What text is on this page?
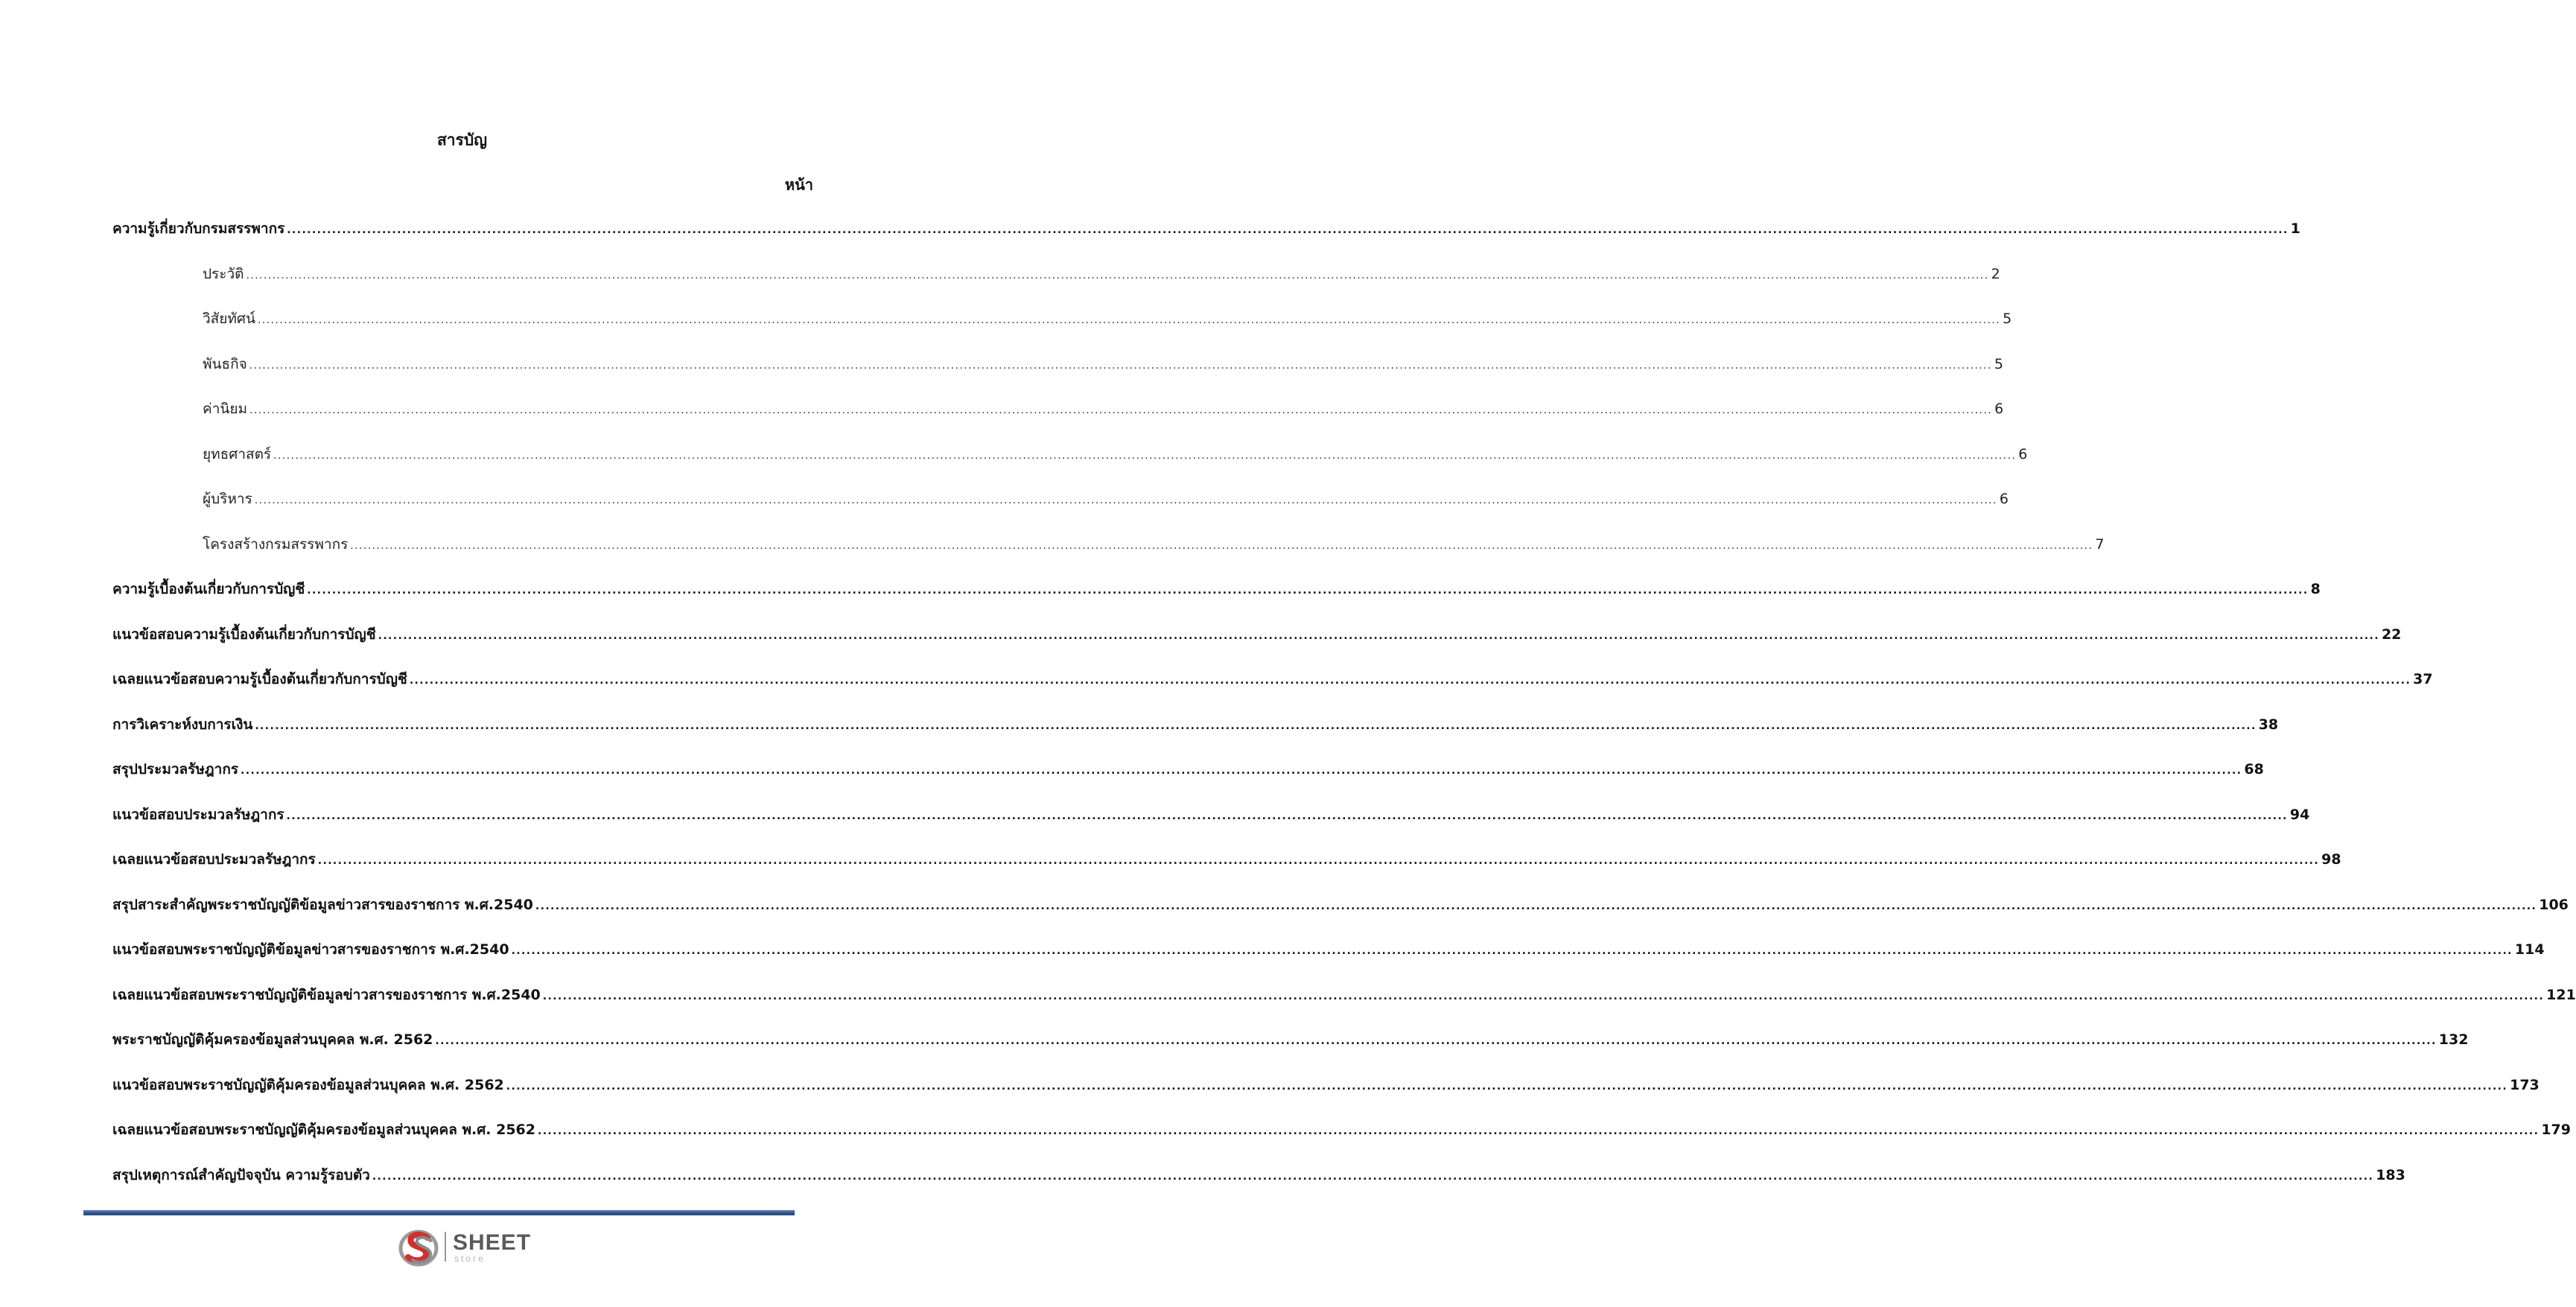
สารบัญ
หน้า
ความรู้เกี่ยวกับกรมสรรพากร ................................................................................................................................................................................................................................................................................................................................................................................................................ 1
ประวัติ ................................................................................................................................................................................................................................................................................................................................................................................................................ 2
วิสัยทัศน์ ................................................................................................................................................................................................................................................................................................................................................................................................................ 5
พันธกิจ ................................................................................................................................................................................................................................................................................................................................................................................................................ 5
ค่านิยม ................................................................................................................................................................................................................................................................................................................................................................................................................ 6
ยุทธศาสตร์ ................................................................................................................................................................................................................................................................................................................................................................................................................ 6
ผู้บริหาร ................................................................................................................................................................................................................................................................................................................................................................................................................ 6
โครงสร้างกรมสรรพากร ................................................................................................................................................................................................................................................................................................................................................................................................................ 7
ความรู้เบื้องต้นเกี่ยวกับการบัญชี ................................................................................................................................................................................................................................................................................................................................................................................................................ 8
แนวข้อสอบความรู้เบื้องต้นเกี่ยวกับการบัญชี ................................................................................................................................................................................................................................................................................................................................................................................................................ 22
เฉลยแนวข้อสอบความรู้เบื้องต้นเกี่ยวกับการบัญชี ................................................................................................................................................................................................................................................................................................................................................................................................................ 37
การวิเคราะห์งบการเงิน ................................................................................................................................................................................................................................................................................................................................................................................................................ 38
สรุปประมวลรัษฎากร ................................................................................................................................................................................................................................................................................................................................................................................................................ 68
แนวข้อสอบประมวลรัษฎากร ................................................................................................................................................................................................................................................................................................................................................................................................................ 94
เฉลยแนวข้อสอบประมวลรัษฎากร ................................................................................................................................................................................................................................................................................................................................................................................................................ 98
สรุปสาระสำคัญพระราชบัญญัติข้อมูลข่าวสารของราชการ พ.ศ.2540 ................................................................................................................................................................................................................................................................................................................................................................................................................ 106
แนวข้อสอบพระราชบัญญัติข้อมูลข่าวสารของราชการ พ.ศ.2540 ................................................................................................................................................................................................................................................................................................................................................................................................................ 114
เฉลยแนวข้อสอบพระราชบัญญัติข้อมูลข่าวสารของราชการ พ.ศ.2540 ................................................................................................................................................................................................................................................................................................................................................................................................................ 121
พระราชบัญญัติคุ้มครองข้อมูลส่วนบุคคล พ.ศ. 2562 ................................................................................................................................................................................................................................................................................................................................................................................................................ 132
แนวข้อสอบพระราชบัญญัติคุ้มครองข้อมูลส่วนบุคคล พ.ศ. 2562 ................................................................................................................................................................................................................................................................................................................................................................................................................ 173
เฉลยแนวข้อสอบพระราชบัญญัติคุ้มครองข้อมูลส่วนบุคคล พ.ศ. 2562 ................................................................................................................................................................................................................................................................................................................................................................................................................ 179
สรุปเหตุการณ์สำคัญปัจจุบัน ความรู้รอบตัว ................................................................................................................................................................................................................................................................................................................................................................................................................ 183
SHEET
store
